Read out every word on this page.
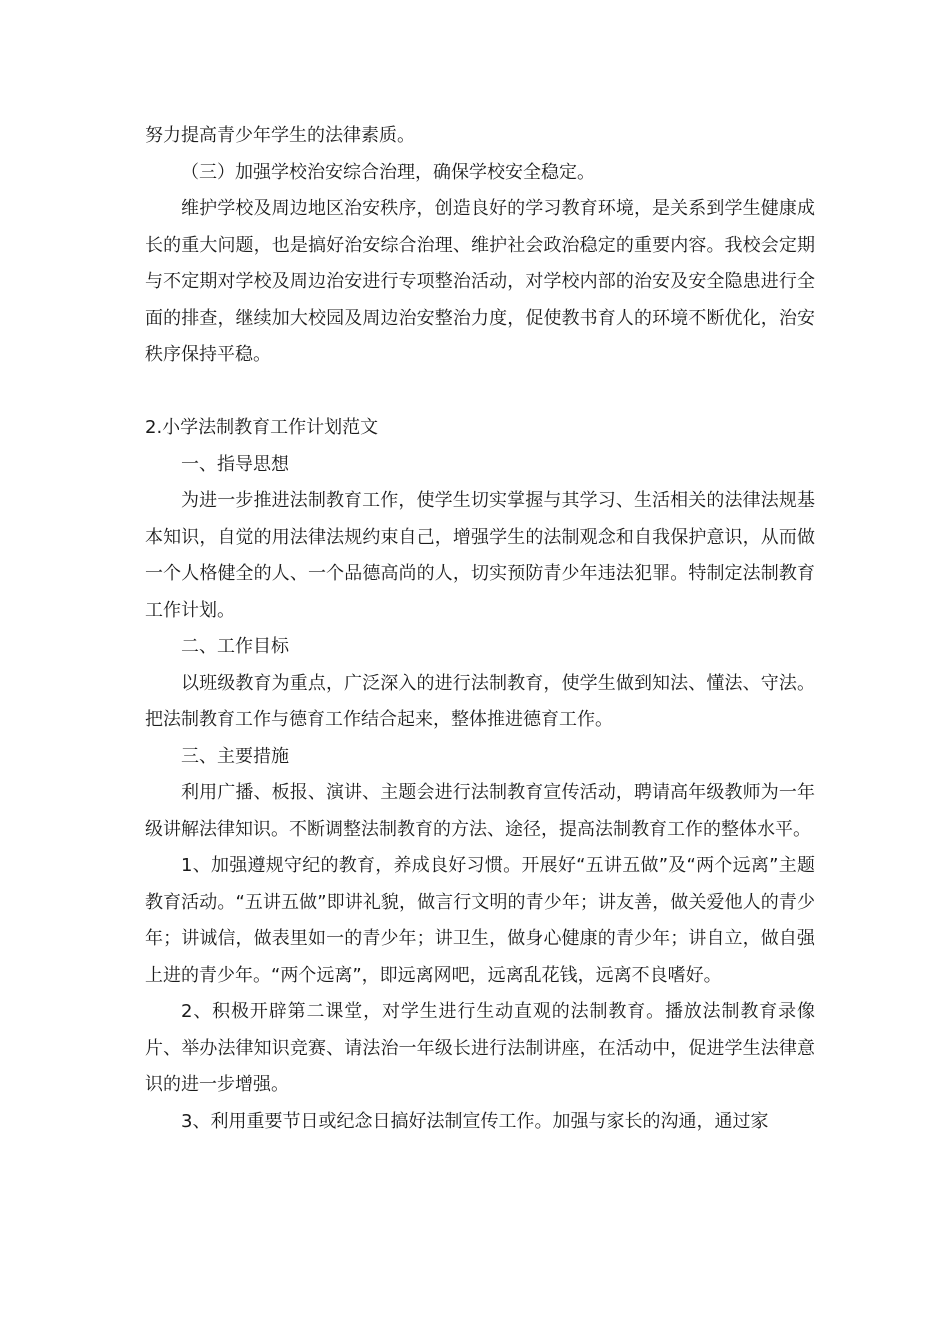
努力提高青少年学生的法律素质。

（三）加强学校治安综合治理，确保学校安全稳定。

维护学校及周边地区治安秩序，创造良好的学习教育环境，是关系到学生健康成长的重大问题，也是搞好治安综合治理、维护社会政治稳定的重要内容。我校会定期与不定期对学校及周边治安进行专项整治活动，对学校内部的治安及安全隐患进行全面的排查，继续加大校园及周边治安整治力度，促使教书育人的环境不断优化，治安秩序保持平稳。

2.小学法制教育工作计划范文

一、指导思想

为进一步推进法制教育工作，使学生切实掌握与其学习、生活相关的法律法规基本知识，自觉的用法律法规约束自己，增强学生的法制观念和自我保护意识，从而做一个人格健全的人、一个品德高尚的人，切实预防青少年违法犯罪。特制定法制教育工作计划。

二、工作目标

以班级教育为重点，广泛深入的进行法制教育，使学生做到知法、懂法、守法。把法制教育工作与德育工作结合起来，整体推进德育工作。

三、主要措施

利用广播、板报、演讲、主题会进行法制教育宣传活动，聘请高年级教师为一年级讲解法律知识。不断调整法制教育的方法、途径，提高法制教育工作的整体水平。

1、加强遵规守纪的教育，养成良好习惯。开展好“五讲五做”及“两个远离”主题教育活动。“五讲五做”即讲礼貌，做言行文明的青少年；讲友善，做关爱他人的青少年；讲诚信，做表里如一的青少年；讲卫生，做身心健康的青少年；讲自立，做自强上进的青少年。“两个远离”，即远离网吧，远离乱花钱，远离不良嗜好。

2、积极开辟第二课堂，对学生进行生动直观的法制教育。播放法制教育录像片、举办法律知识竞赛、请法治一年级长进行法制讲座，在活动中，促进学生法律意识的进一步增强。

3、利用重要节日或纪念日搞好法制宣传工作。加强与家长的沟通，通过家
